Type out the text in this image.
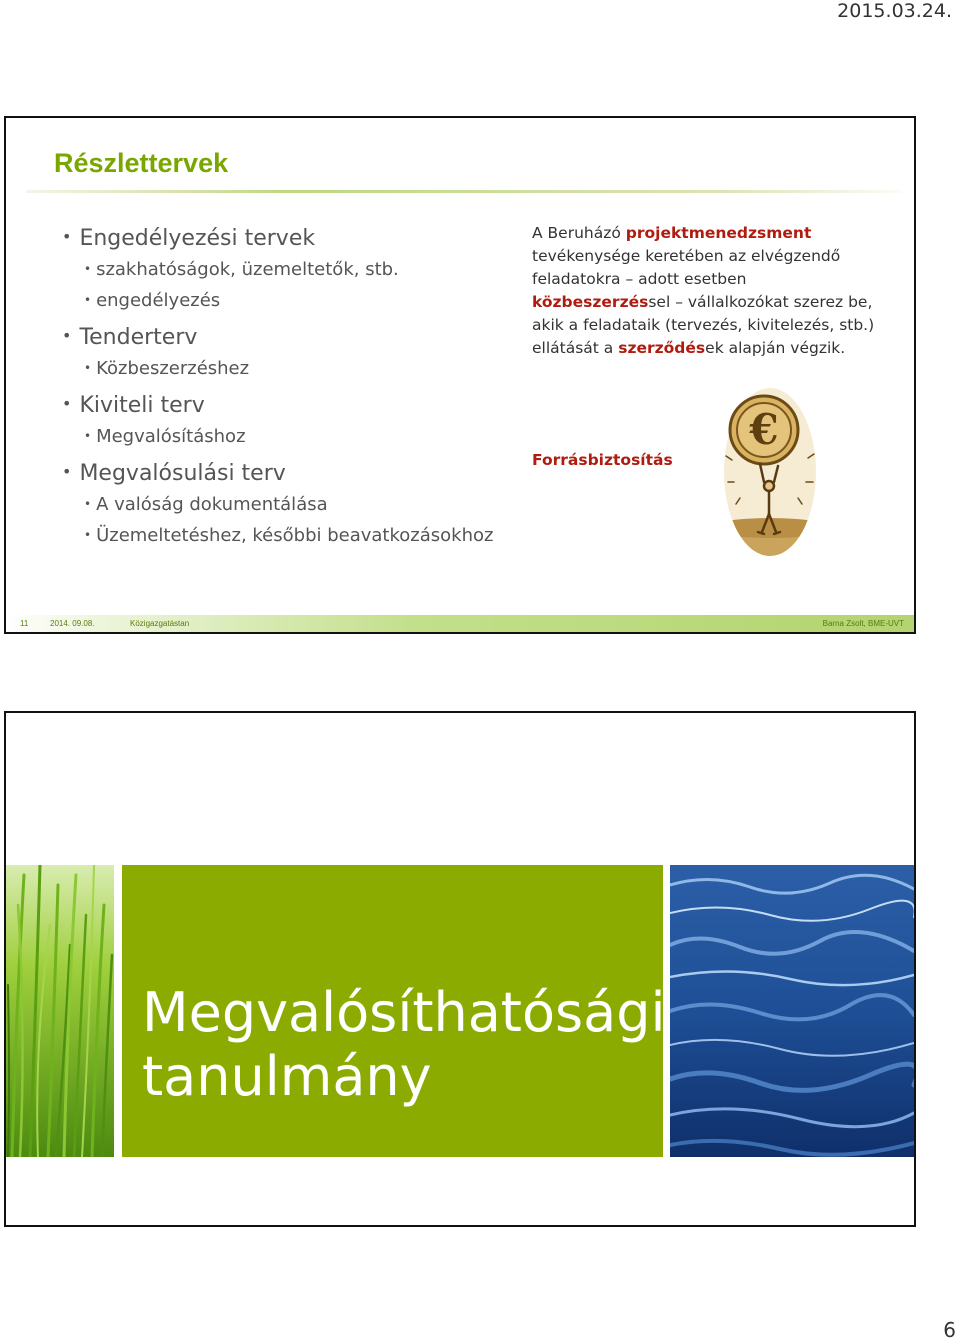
2015.03.24.
Részlettervek
• Engedélyezési tervek
• szakhatóságok, üzemeltetők, stb.
• engedélyezés
• Tenderterv
• Közbeszerzéshez
• Kiviteli terv
• Megvalósításhoz
• Megvalósulási terv
• A valóság dokumentálása
• Üzemeltetéshez, későbbi beavatkozásokhoz
A Beruházó projektmenedzsment tevékenysége keretében az elvégzendő feladatokra – adott esetben közbeszerzéssel – vállalkozókat szerez be, akik a feladataik (tervezés, kivitelezés, stb.) ellátását a szerződések alapján végzik.
Forrásbiztosítás
€
11	2014. 09.08.	Közigazgatástan	Barna Zsolt, BME-UVT
Megvalósíthatósági
tanulmány
6
